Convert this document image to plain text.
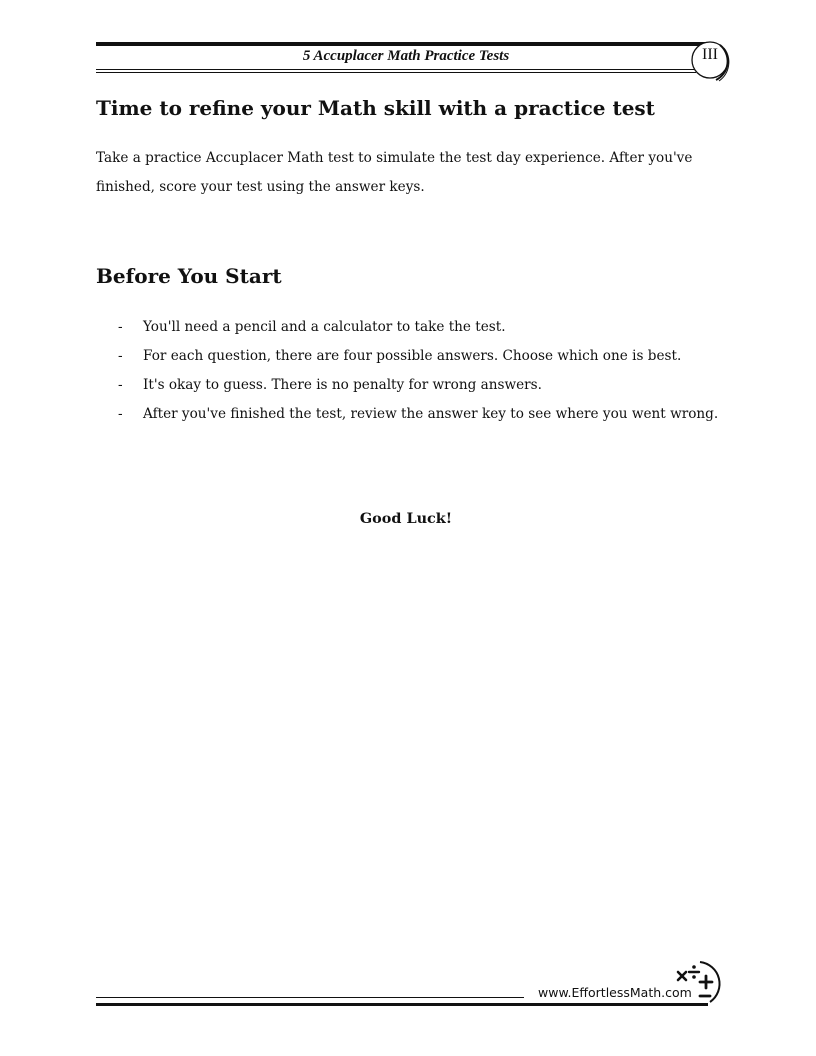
5 Accuplacer Math Practice Tests	III
Time to refine your Math skill with a practice test

Take a practice Accuplacer Math test to simulate the test day experience. After you've finished, score your test using the answer keys.

Before You Start
- You'll need a pencil and a calculator to take the test.
- For each question, there are four possible answers. Choose which one is best.
- It's okay to guess. There is no penalty for wrong answers.
- After you've finished the test, review the answer key to see where you went wrong.
Good Luck!
www.EffortlessMath.com
